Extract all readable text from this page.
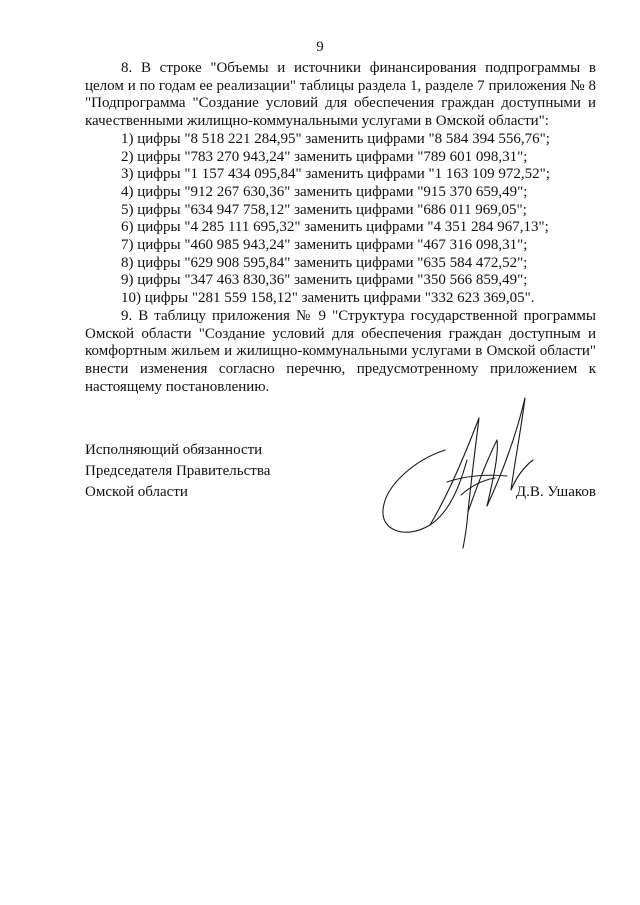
9

8. В строке "Объемы и источники финансирования подпрограммы в целом и по годам ее реализации" таблицы раздела 1, разделе 7 приложения № 8 "Подпрограмма "Создание условий для обеспечения граждан доступными и качественными жилищно-коммунальными услугами в Омской области":

1) цифры "8 518 221 284,95" заменить цифрами "8 584 394 556,76";
2) цифры "783 270 943,24" заменить цифрами "789 601 098,31";
3) цифры "1 157 434 095,84" заменить цифрами "1 163 109 972,52";
4) цифры "912 267 630,36" заменить цифрами "915 370 659,49";
5) цифры "634 947 758,12" заменить цифрами "686 011 969,05";
6) цифры "4 285 111 695,32" заменить цифрами "4 351 284 967,13";
7) цифры "460 985 943,24" заменить цифрами "467 316 098,31";
8) цифры "629 908 595,84" заменить цифрами "635 584 472,52";
9) цифры "347 463 830,36" заменить цифрами "350 566 859,49";
10) цифры "281 559 158,12" заменить цифрами "332 623 369,05".

9. В таблицу приложения № 9 "Структура государственной программы Омской области "Создание условий для обеспечения граждан доступным и комфортным жильем и жилищно-коммунальными услугами в Омской области" внести изменения согласно перечню, предусмотренному приложением к настоящему постановлению.

Исполняющий обязанности
Председателя Правительства
Омской области	Д.В. Ушаков
